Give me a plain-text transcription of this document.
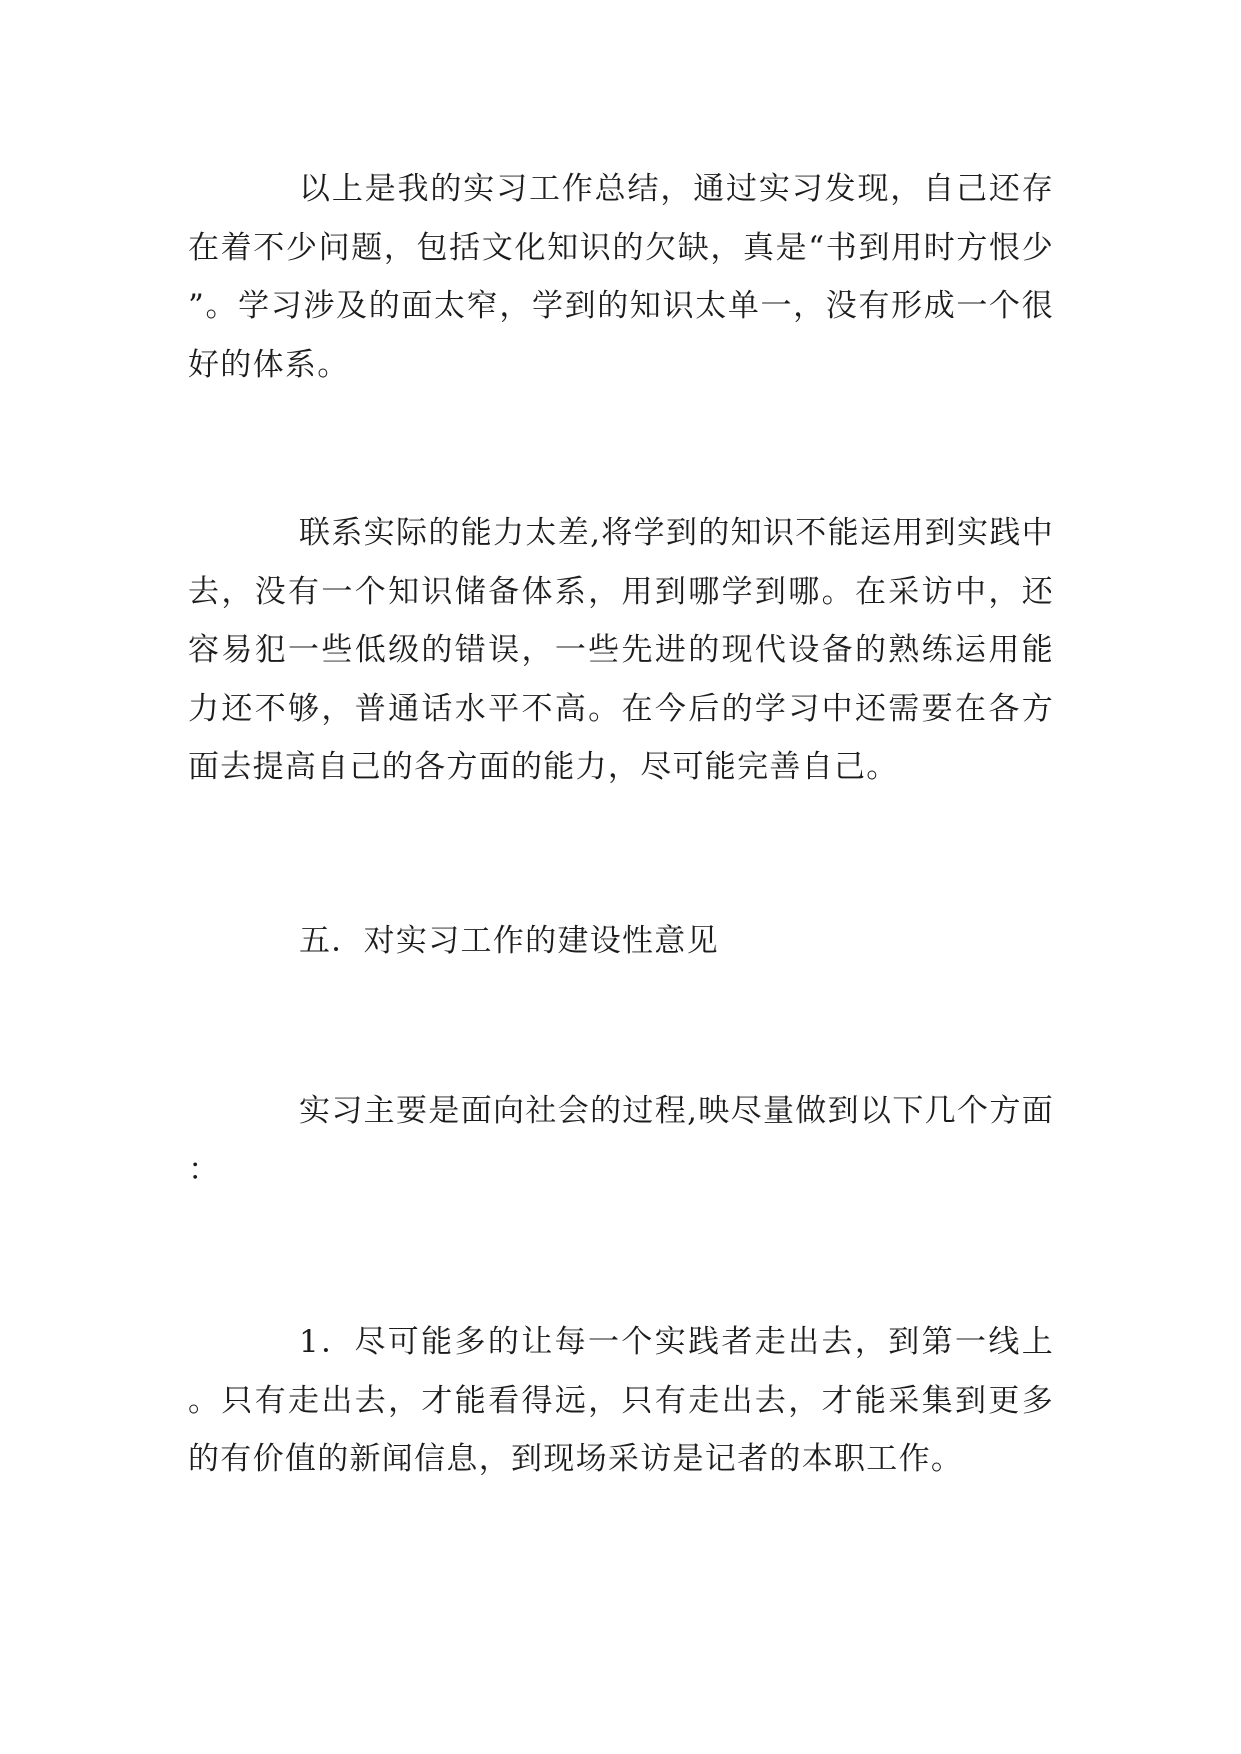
以上是我的实习工作总结，通过实习发现，自己还存在着不少问题，包括文化知识的欠缺，真是“书到用时方恨少”。学习涉及的面太窄，学到的知识太单一，没有形成一个很好的体系。

联系实际的能力太差,将学到的知识不能运用到实践中去，没有一个知识储备体系，用到哪学到哪。在采访中，还容易犯一些低级的错误，一些先进的现代设备的熟练运用能力还不够，普通话水平不高。在今后的学习中还需要在各方面去提高自己的各方面的能力，尽可能完善自己。

五．对实习工作的建设性意见

实习主要是面向社会的过程,映尽量做到以下几个方面：

1．尽可能多的让每一个实践者走出去，到第一线上。只有走出去，才能看得远，只有走出去，才能采集到更多的有价值的新闻信息，到现场采访是记者的本职工作。
